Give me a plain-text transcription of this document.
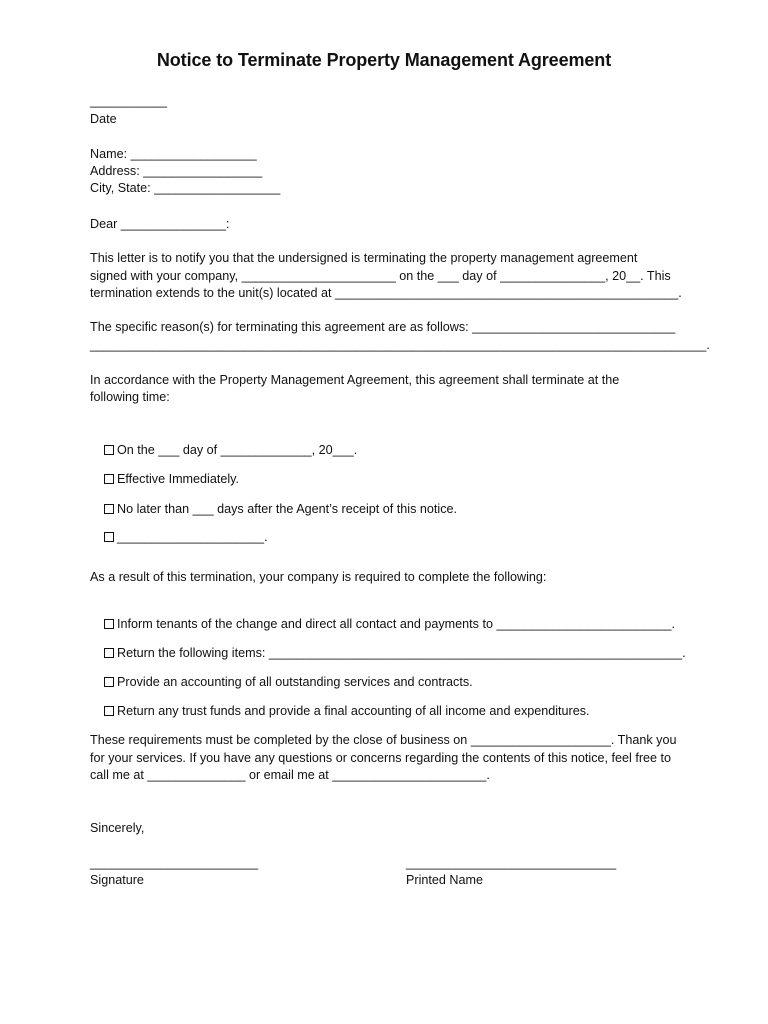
Notice to Terminate Property Management Agreement
___________
Date
Name: __________________
Address: _________________
City, State: __________________
Dear _______________:
This letter is to notify you that the undersigned is terminating the property management agreement
signed with your company, ______________________ on the ___ day of _______________, 20__. This
termination extends to the unit(s) located at _________________________________________________.
The specific reason(s) for terminating this agreement are as follows: _____________________________
________________________________________________________________________________________.
In accordance with the Property Management Agreement, this agreement shall terminate at the
following time:

On the ___ day of _____________, 20___.

Effective Immediately.

No later than ___ days after the Agent’s receipt of this notice.

_____________________.

As a result of this termination, your company is required to complete the following:

Inform tenants of the change and direct all contact and payments to _________________________.

Return the following items: ___________________________________________________________.

Provide an accounting of all outstanding services and contracts.

Return any trust funds and provide a final accounting of all income and expenditures.

These requirements must be completed by the close of business on ____________________. Thank you
for your services. If you have any questions or concerns regarding the contents of this notice, feel free to
call me at ______________ or email me at ______________________.
Sincerely,
________________________
Signature
______________________________
Printed Name
